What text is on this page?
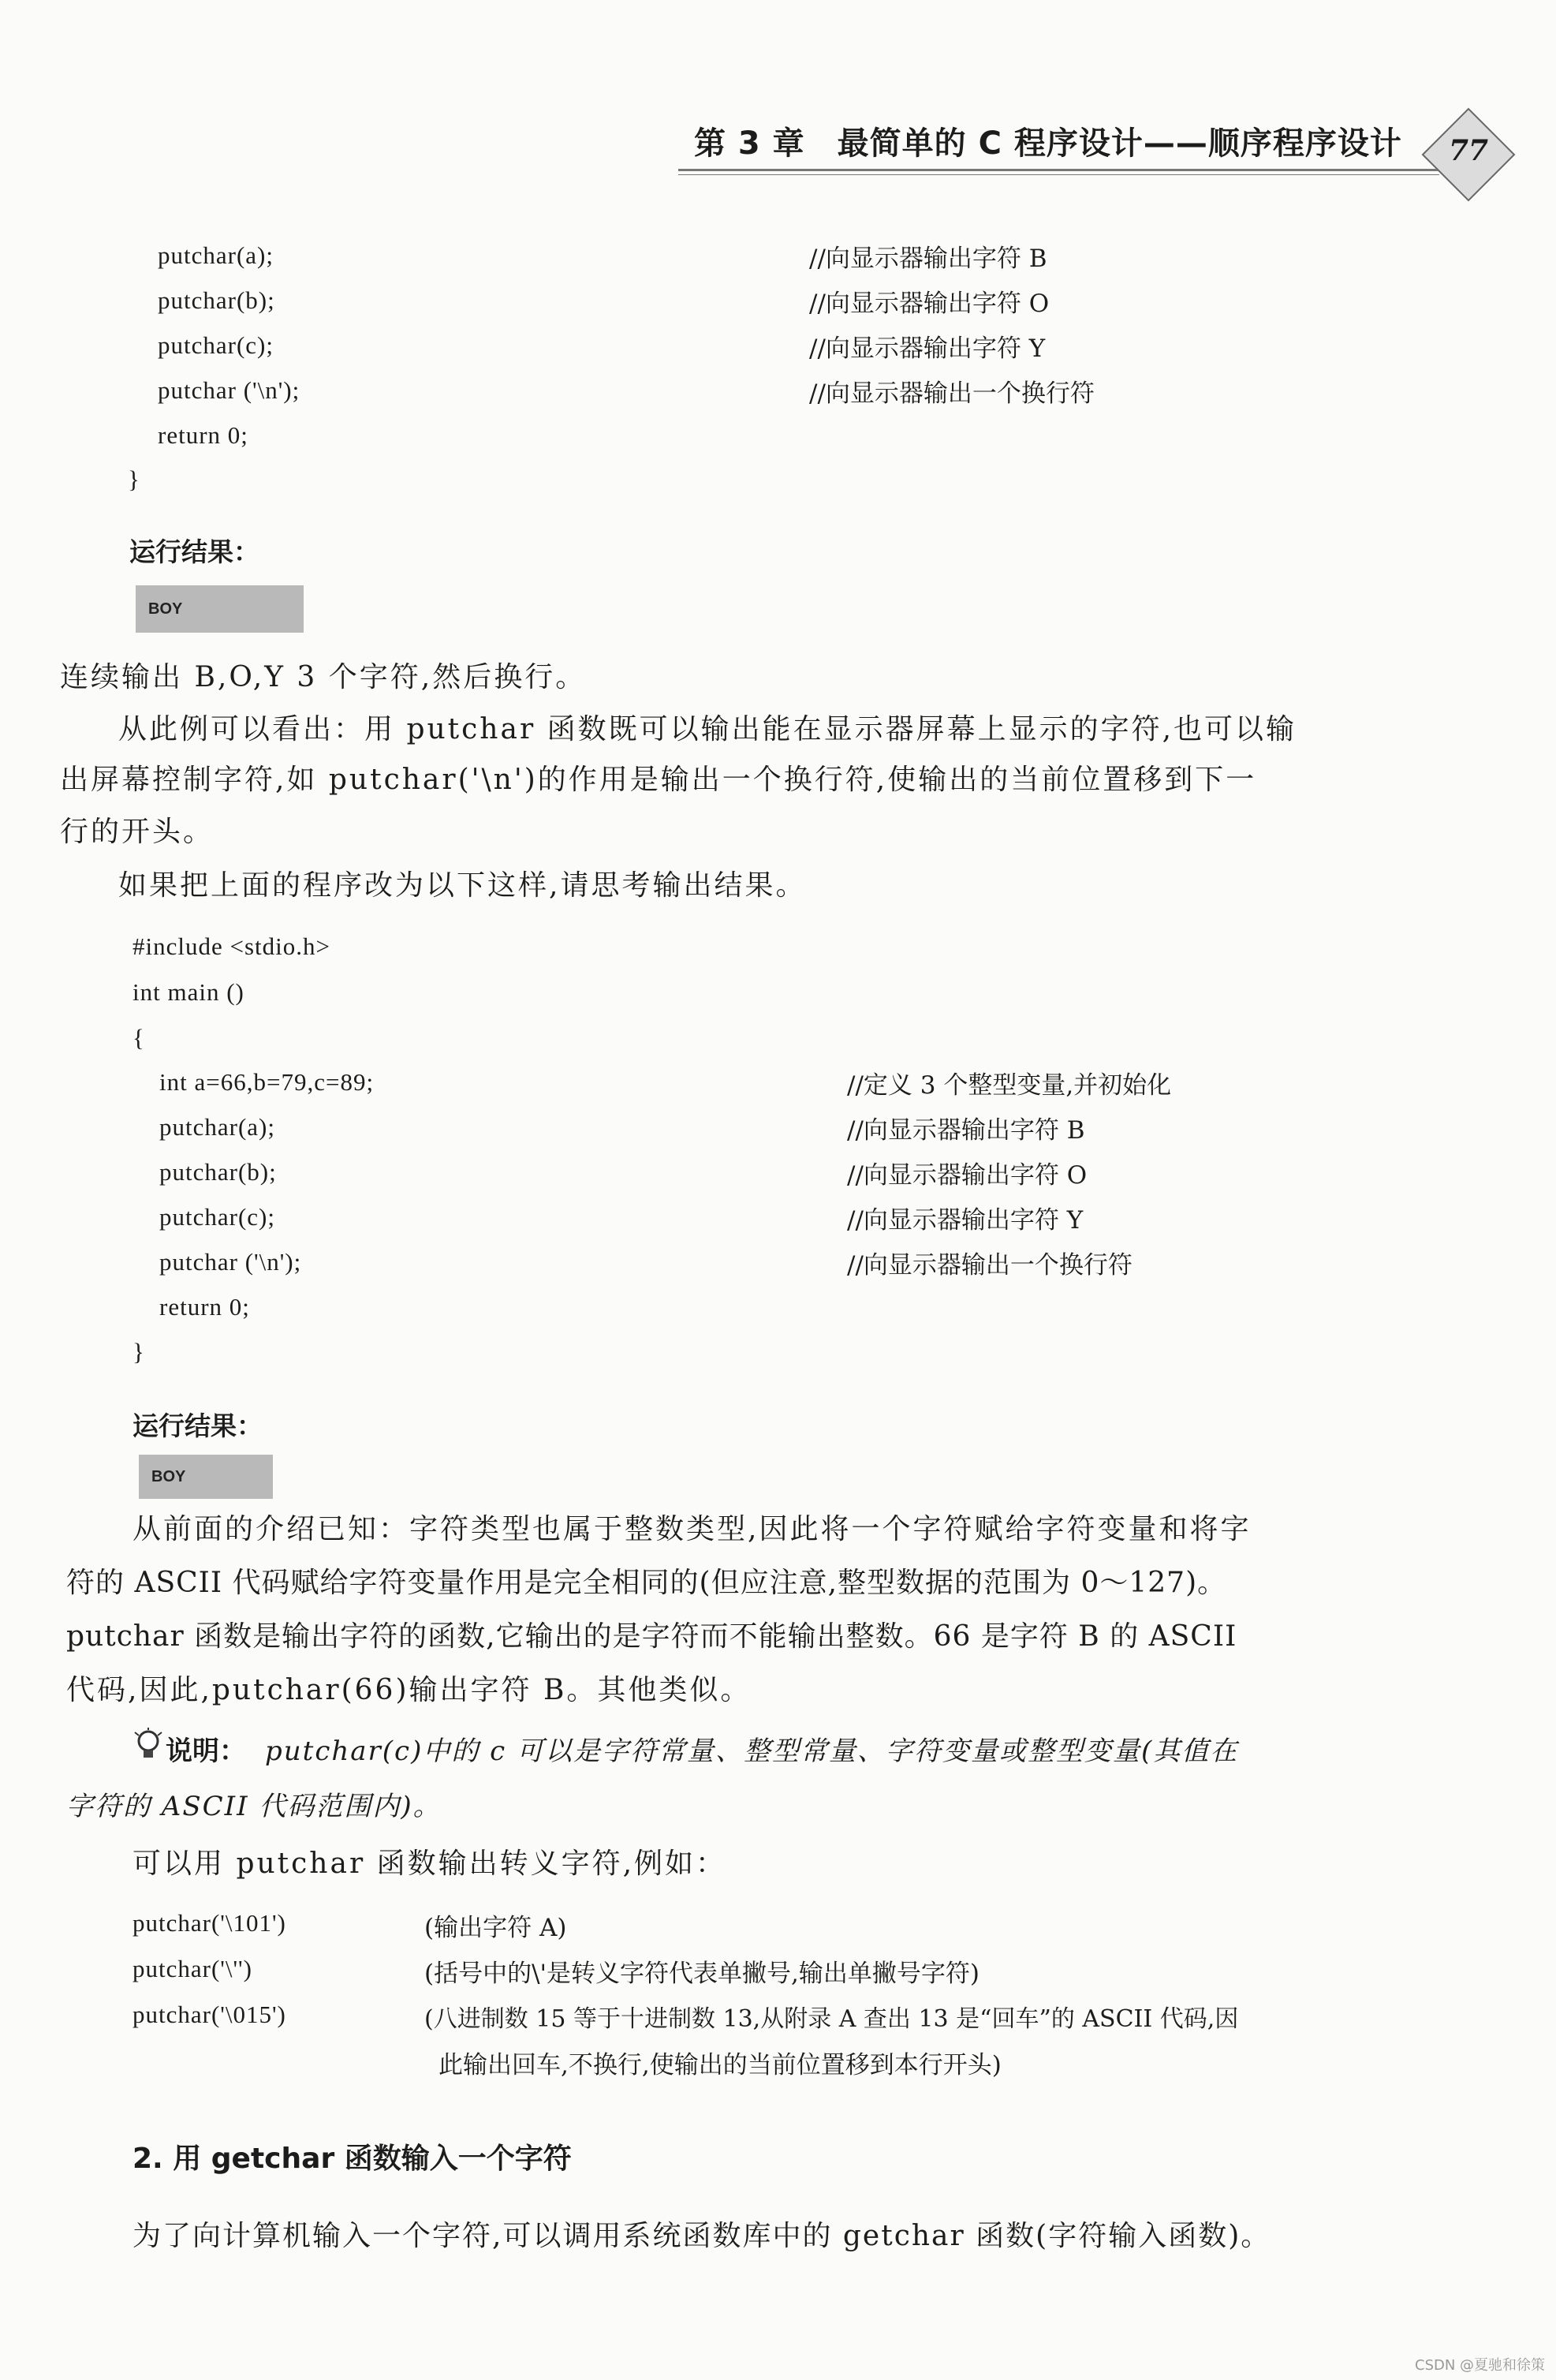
第 3 章　最简单的 C 程序设计——顺序程序设计	77
putchar(a);	//向显示器输出字符 B
putchar(b);	//向显示器输出字符 O
putchar(c);	//向显示器输出字符 Y
putchar ('\n');	//向显示器输出一个换行符
return 0;
}
运行结果：
BOY
连续输出 B,O,Y 3 个字符,然后换行。
从此例可以看出：用 putchar 函数既可以输出能在显示器屏幕上显示的字符,也可以输
出屏幕控制字符,如 putchar('\n')的作用是输出一个换行符,使输出的当前位置移到下一
行的开头。
如果把上面的程序改为以下这样,请思考输出结果。
#include <stdio.h>
int main ()
{
int a=66,b=79,c=89;	//定义 3 个整型变量,并初始化
putchar(a);	//向显示器输出字符 B
putchar(b);	//向显示器输出字符 O
putchar(c);	//向显示器输出字符 Y
putchar ('\n');	//向显示器输出一个换行符
return 0;
}
运行结果：
BOY
从前面的介绍已知：字符类型也属于整数类型,因此将一个字符赋给字符变量和将字
符的 ASCII 代码赋给字符变量作用是完全相同的(但应注意,整型数据的范围为 0～127)。
putchar 函数是输出字符的函数,它输出的是字符而不能输出整数。66 是字符 B 的 ASCII
代码,因此,putchar(66)输出字符 B。其他类似。
说明： putchar(c)中的 c 可以是字符常量、整型常量、字符变量或整型变量(其值在
字符的 ASCII 代码范围内)。
可以用 putchar 函数输出转义字符,例如：
putchar('\101')	(输出字符 A)
putchar('\'')	(括号中的\'是转义字符代表单撇号,输出单撇号字符)
putchar('\015')	(八进制数 15 等于十进制数 13,从附录 A 查出 13 是“回车”的 ASCII 代码,因
此输出回车,不换行,使输出的当前位置移到本行开头)
2. 用 getchar 函数输入一个字符
为了向计算机输入一个字符,可以调用系统函数库中的 getchar 函数(字符输入函数)。
CSDN @夏驰和徐策
